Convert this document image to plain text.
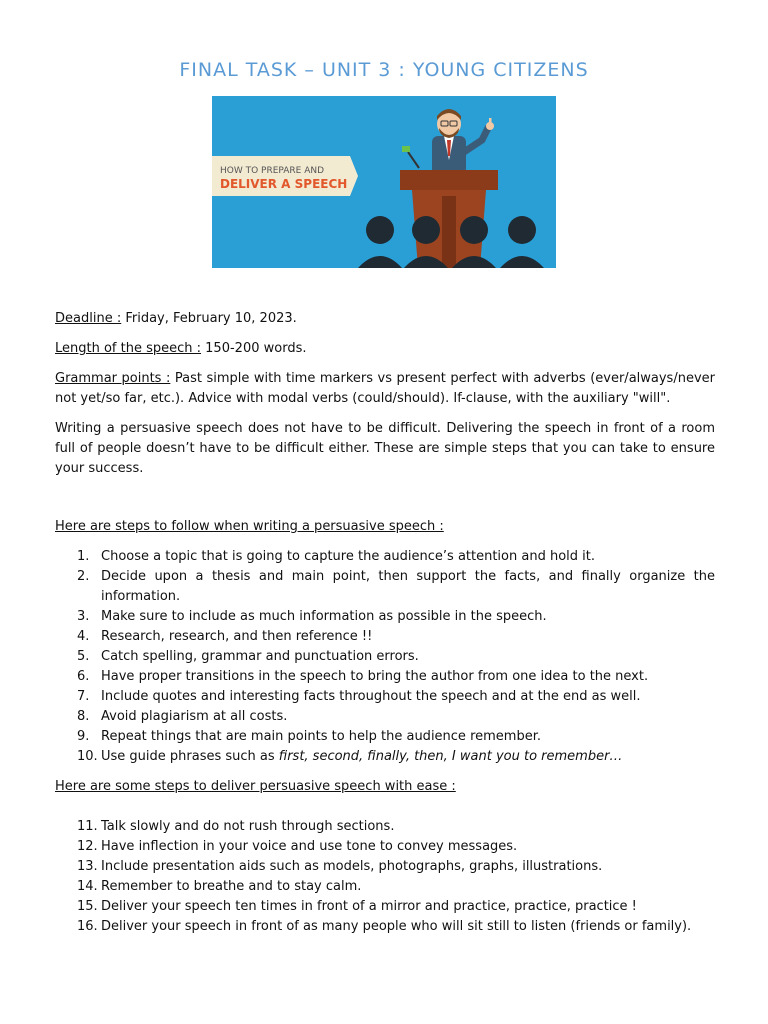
FINAL TASK – UNIT 3 : YOUNG CITIZENS
HOW TO PREPARE AND
DELIVER A SPEECH

Deadline : Friday, February 10, 2023.

Length of the speech : 150-200 words.

Grammar points : Past simple with time markers vs present perfect with adverbs (ever/always/never not yet/so far, etc.). Advice with modal verbs (could/should). If-clause, with the auxiliary "will".

Writing a persuasive speech does not have to be difficult. Delivering the speech in front of a room full of people doesn’t have to be difficult either. These are simple steps that you can take to ensure your success.

Here are steps to follow when writing a persuasive speech :

1. Choose a topic that is going to capture the audience’s attention and hold it.
2. Decide upon a thesis and main point, then support the facts, and finally organize the information.
3. Make sure to include as much information as possible in the speech.
4. Research, research, and then reference !!
5. Catch spelling, grammar and punctuation errors.
6. Have proper transitions in the speech to bring the author from one idea to the next.
7. Include quotes and interesting facts throughout the speech and at the end as well.
8. Avoid plagiarism at all costs.
9. Repeat things that are main points to help the audience remember.
10. Use guide phrases such as first, second, finally, then, I want you to remember…

Here are some steps to deliver persuasive speech with ease :

11. Talk slowly and do not rush through sections.
12. Have inflection in your voice and use tone to convey messages.
13. Include presentation aids such as models, photographs, graphs, illustrations.
14. Remember to breathe and to stay calm.
15. Deliver your speech ten times in front of a mirror and practice, practice, practice !
16. Deliver your speech in front of as many people who will sit still to listen (friends or family).
